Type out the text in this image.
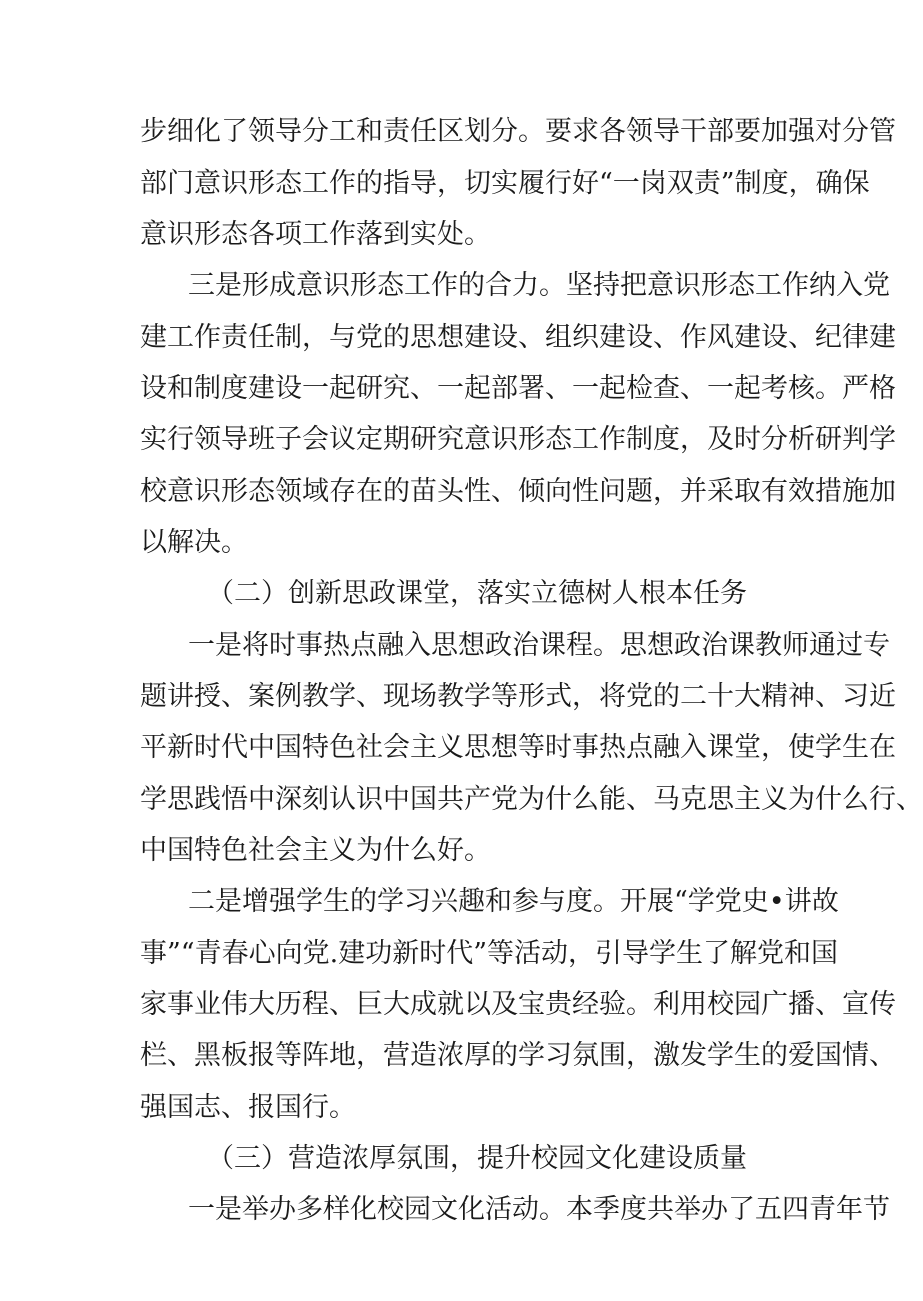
步细化了领导分工和责任区划分。要求各领导干部要加强对分管
部门意识形态工作的指导，切实履行好“一岗双责”制度，确保
意识形态各项工作落到实处。
三是形成意识形态工作的合力。坚持把意识形态工作纳入党
建工作责任制，与党的思想建设、组织建设、作风建设、纪律建
设和制度建设一起研究、一起部署、一起检查、一起考核。严格
实行领导班子会议定期研究意识形态工作制度，及时分析研判学
校意识形态领域存在的苗头性、倾向性问题，并采取有效措施加
以解决。
（二）创新思政课堂，落实立德树人根本任务
一是将时事热点融入思想政治课程。思想政治课教师通过专
题讲授、案例教学、现场教学等形式，将党的二十大精神、习近
平新时代中国特色社会主义思想等时事热点融入课堂，使学生在
学思践悟中深刻认识中国共产党为什么能、马克思主义为什么行、
中国特色社会主义为什么好。
二是增强学生的学习兴趣和参与度。开展“学党史•讲故
事”“青春心向党.建功新时代”等活动，引导学生了解党和国
家事业伟大历程、巨大成就以及宝贵经验。利用校园广播、宣传
栏、黑板报等阵地，营造浓厚的学习氛围，激发学生的爱国情、
强国志、报国行。
（三）营造浓厚氛围，提升校园文化建设质量
一是举办多样化校园文化活动。本季度共举办了五四青年节
